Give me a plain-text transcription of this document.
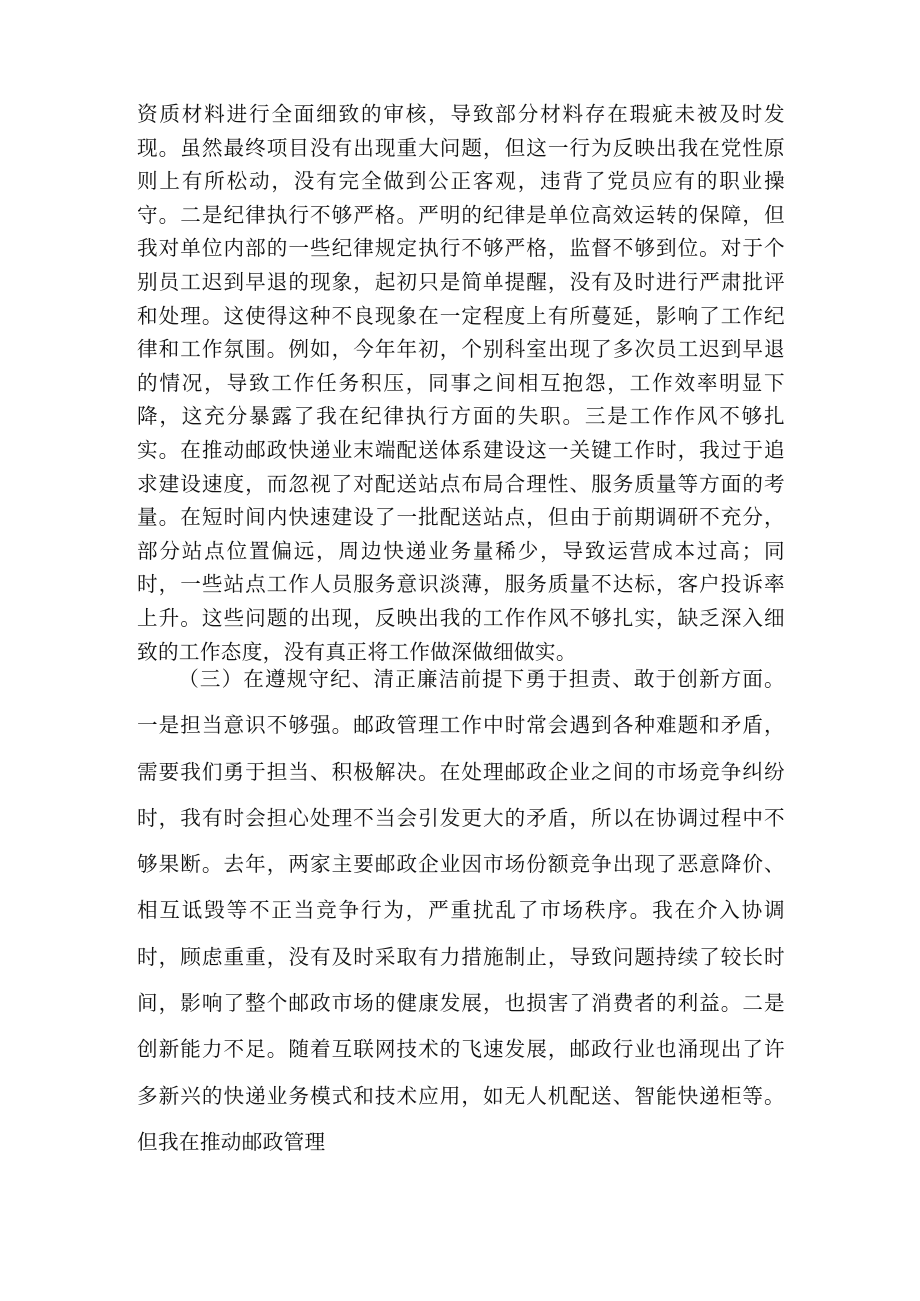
资质材料进行全面细致的审核，导致部分材料存在瑕疵未被及时发现。虽然最终项目没有出现重大问题，但这一行为反映出我在党性原则上有所松动，没有完全做到公正客观，违背了党员应有的职业操守。二是纪律执行不够严格。严明的纪律是单位高效运转的保障，但我对单位内部的一些纪律规定执行不够严格，监督不够到位。对于个别员工迟到早退的现象，起初只是简单提醒，没有及时进行严肃批评和处理。这使得这种不良现象在一定程度上有所蔓延，影响了工作纪律和工作氛围。例如，今年年初，个别科室出现了多次员工迟到早退的情况，导致工作任务积压，同事之间相互抱怨，工作效率明显下降，这充分暴露了我在纪律执行方面的失职。三是工作作风不够扎实。在推动邮政快递业末端配送体系建设这一关键工作时，我过于追求建设速度，而忽视了对配送站点布局合理性、服务质量等方面的考量。在短时间内快速建设了一批配送站点，但由于前期调研不充分，部分站点位置偏远，周边快递业务量稀少，导致运营成本过高；同时，一些站点工作人员服务意识淡薄，服务质量不达标，客户投诉率上升。这些问题的出现，反映出我的工作作风不够扎实，缺乏深入细致的工作态度，没有真正将工作做深做细做实。

（三）在遵规守纪、清正廉洁前提下勇于担责、敢于创新方面。一是担当意识不够强。邮政管理工作中时常会遇到各种难题和矛盾，需要我们勇于担当、积极解决。在处理邮政企业之间的市场竞争纠纷时，我有时会担心处理不当会引发更大的矛盾，所以在协调过程中不够果断。去年，两家主要邮政企业因市场份额竞争出现了恶意降价、相互诋毁等不正当竞争行为，严重扰乱了市场秩序。我在介入协调时，顾虑重重，没有及时采取有力措施制止，导致问题持续了较长时间，影响了整个邮政市场的健康发展，也损害了消费者的利益。二是创新能力不足。随着互联网技术的飞速发展，邮政行业也涌现出了许多新兴的快递业务模式和技术应用，如无人机配送、智能快递柜等。但我在推动邮政管理
